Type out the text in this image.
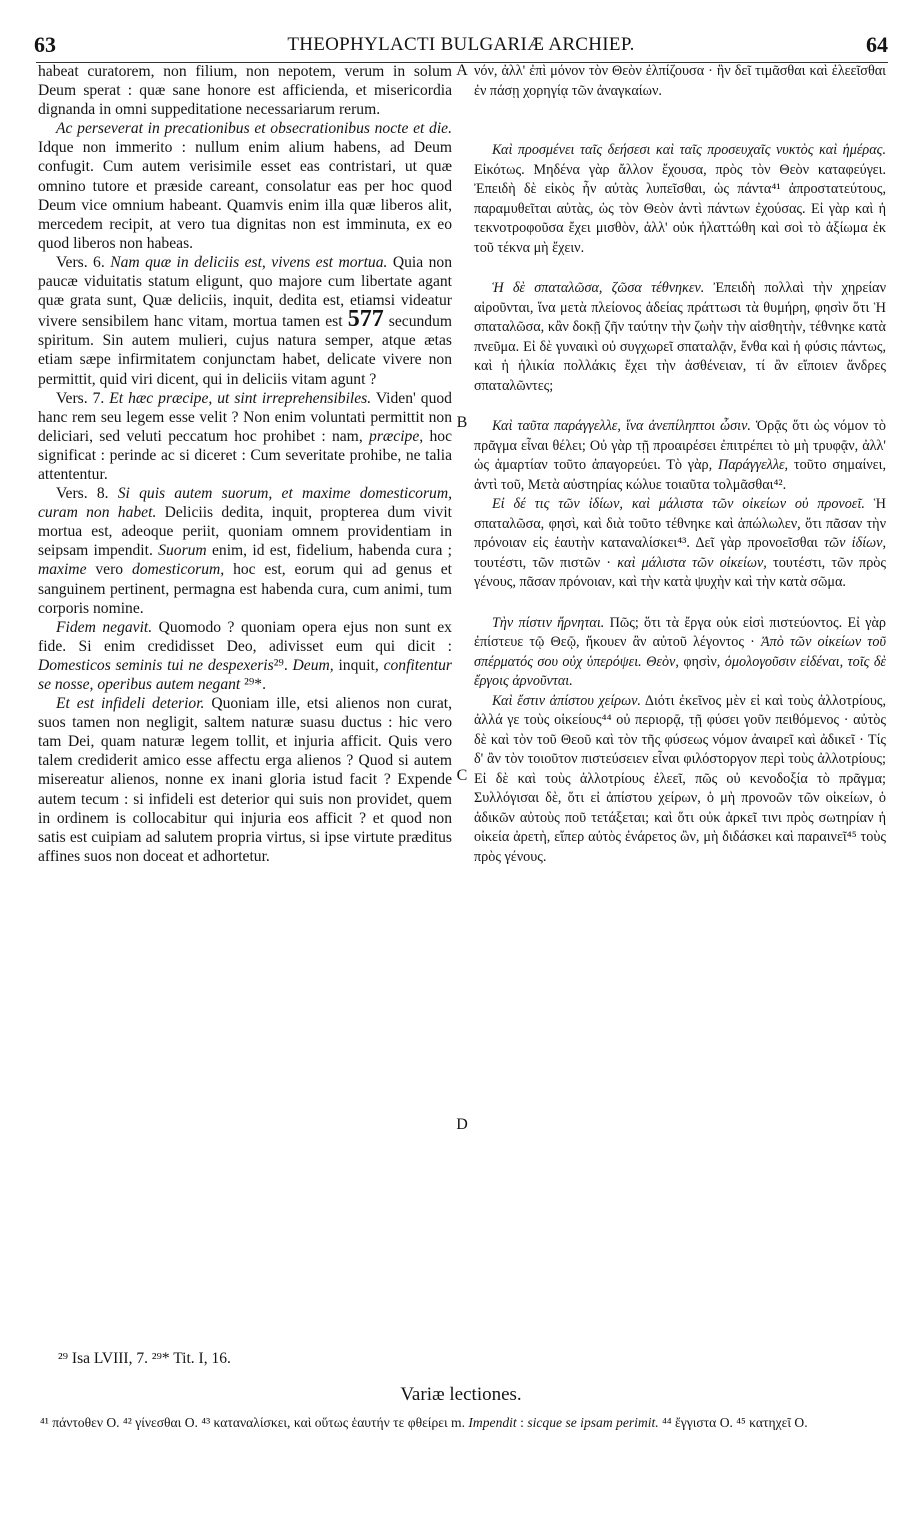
63	THEOPHYLACTI BULGARIÆ ARCHIEP.	64

habeat curatorem, non filium, non nepotem, verum in solum Deum sperat : quæ sane honore est afficienda, et misericordia dignanda in omni suppeditatione necessariarum rerum.

Ac perseverat in precationibus et obsecrationibus nocte et die. Idque non immerito : nullum enim alium habens, ad Deum confugit. Cum autem verisimile esset eas contristari, ut quæ omnino tutore et præside careant, consolatur eas per hoc quod Deum vice omnium habeant. Quamvis enim illa quæ liberos alit, mercedem recipit, at vero tua dignitas non est imminuta, ex eo quod liberos non habeas.

Vers. 6. Nam quæ in deliciis est, vivens est mortua. Quia non paucæ viduitatis statum eligunt, quo majore cum libertate agant quæ grata sunt, Quæ deliciis, inquit, dedita est, etiamsi videatur vivere sensibilem hanc vitam, mortua tamen est 577 secundum spiritum. Sin autem mulieri, cujus natura semper, atque ætas etiam sæpe infirmitatem conjunctam habet, delicate vivere non permittit, quid viri dicent, qui in deliciis vitam agunt ?

Vers. 7. Et hæc præcipe, ut sint irreprehensibiles. Viden' quod hanc rem seu legem esse velit ? Non enim voluntati permittit non deliciari, sed veluti peccatum hoc prohibet : nam, præcipe, hoc significat : perinde ac si diceret : Cum severitate prohibe, ne talia attententur.

Vers. 8. Si quis autem suorum, et maxime domesticorum, curam non habet. Deliciis dedita, inquit, propterea dum vivit mortua est, adeoque periit, quoniam omnem providentiam in seipsam impendit. Suorum enim, id est, fidelium, habenda cura ; maxime vero domesticorum, hoc est, eorum qui ad genus et sanguinem pertinent, permagna est habenda cura, cum animi, tum corporis nomine.

Fidem negavit. Quomodo ? quoniam opera ejus non sunt ex fide. Si enim credidisset Deo, adivisset eum qui dicit : Domesticos seminis tui ne despexeris²⁹. Deum, inquit, confitentur se nosse, operibus autem negant ²⁹*.

Et est infideli deterior. Quoniam ille, etsi alienos non curat, suos tamen non negligit, saltem naturæ suasu ductus : hic vero tam Dei, quam naturæ legem tollit, et injuria afficit. Quis vero talem crediderit amico esse affectu erga alienos ? Quod si autem misereatur alienos, nonne ex inani gloria istud facit ? Expende autem tecum : si infideli est deterior qui suis non providet, quem in ordinem is collocabitur qui injuria eos afficit ? et quod non satis est cuipiam ad salutem propria virtus, si ipse virtute præditus affines suos non doceat et adhortetur.

A
B
C
D

νόν, ἀλλ' ἐπὶ μόνον τὸν Θεὸν ἐλπίζουσα · ἣν δεῖ τιμᾶσθαι καὶ ἐλεεῖσθαι ἐν πάσῃ χορηγίᾳ τῶν ἀναγκαίων.

Καὶ προσμένει ταῖς δεήσεσι καὶ ταῖς προσευχαῖς νυκτὸς καὶ ἡμέρας. Εἰκότως. Μηδένα γὰρ ἄλλον ἔχουσα, πρὸς τὸν Θεὸν καταφεύγει. Ἐπειδὴ δὲ εἰκὸς ἦν αὐτὰς λυπεῖσθαι, ὡς πάντα⁴¹ ἀπροστατεύτους, παραμυθεῖται αὐτὰς, ὡς τὸν Θεὸν ἀντὶ πάντων ἐχούσας. Εἰ γὰρ καὶ ἡ τεκνοτροφοῦσα ἔχει μισθὸν, ἀλλ' οὐκ ἠλαττώθη καὶ σοὶ τὸ ἀξίωμα ἐκ τοῦ τέκνα μὴ ἔχειν.

Ἡ δὲ σπαταλῶσα, ζῶσα τέθνηκεν. Ἐπειδὴ πολλαὶ τὴν χηρείαν αἱροῦνται, ἵνα μετὰ πλείονος ἀδείας πράττωσι τὰ θυμήρη, φησὶν ὅτι Ἡ σπαταλῶσα, κἂν δοκῇ ζῆν ταύτην τὴν ζωὴν τὴν αἰσθητὴν, τέθνηκε κατὰ πνεῦμα. Εἰ δὲ γυναικὶ οὐ συγχωρεῖ σπαταλᾷν, ἔνθα καὶ ἡ φύσις πάντως, καὶ ἡ ἡλικία πολλάκις ἔχει τὴν ἀσθένειαν, τί ἂν εἴποιεν ἄνδρες σπαταλῶντες;

Καὶ ταῦτα παράγγελλε, ἵνα ἀνεπίληπτοι ὦσιν. Ὁρᾷς ὅτι ὡς νόμον τὸ πρᾶγμα εἶναι θέλει; Οὐ γὰρ τῇ προαιρέσει ἐπιτρέπει τὸ μὴ τρυφᾷν, ἀλλ' ὡς ἁμαρτίαν τοῦτο ἀπαγορεύει. Τὸ γὰρ, Παράγγελλε, τοῦτο σημαίνει, ἀντὶ τοῦ, Μετὰ αὐστηρίας κώλυε τοιαῦτα τολμᾶσθαι⁴².

Εἰ δέ τις τῶν ἰδίων, καὶ μάλιστα τῶν οἰκείων οὐ προνοεῖ. Ἡ σπαταλῶσα, φησὶ, καὶ διὰ τοῦτο τέθνηκε καὶ ἀπώλωλεν, ὅτι πᾶσαν τὴν πρόνοιαν εἰς ἑαυτὴν καταναλίσκει⁴³. Δεῖ γὰρ προνοεῖσθαι τῶν ἰδίων, τουτέστι, τῶν πιστῶν · καὶ μάλιστα τῶν οἰκείων, τουτέστι, τῶν πρὸς γένους, πᾶσαν πρόνοιαν, καὶ τὴν κατὰ ψυχὴν καὶ τὴν κατὰ σῶμα.

Τὴν πίστιν ἤρνηται. Πῶς; ὅτι τὰ ἔργα οὐκ εἰσὶ πιστεύοντος. Εἰ γὰρ ἐπίστευε τῷ Θεῷ, ἤκουεν ἂν αὐτοῦ λέγοντος · Ἀπὸ τῶν οἰκείων τοῦ σπέρματός σου οὐχ ὑπερόψει. Θεὸν, φησὶν, ὁμολογοῦσιν εἰδέναι, τοῖς δὲ ἔργοις ἀρνοῦνται.

Καὶ ἔστιν ἀπίστου χείρων. Διότι ἐκεῖνος μὲν εἰ καὶ τοὺς ἀλλοτρίους, ἀλλά γε τοὺς οἰκείους⁴⁴ οὐ περιορᾷ, τῇ φύσει γοῦν πειθόμενος · αὐτὸς δὲ καὶ τὸν τοῦ Θεοῦ καὶ τὸν τῆς φύσεως νόμον ἀναιρεῖ καὶ ἀδικεῖ · Τίς δ' ἂν τὸν τοιοῦτον πιστεύσειεν εἶναι φιλόστοργον περὶ τοὺς ἀλλοτρίους; Εἰ δὲ καὶ τοὺς ἀλλοτρίους ἐλεεῖ, πῶς οὐ κενοδοξία τὸ πρᾶγμα; Συλλόγισαι δὲ, ὅτι εἰ ἀπίστου χείρων, ὁ μὴ προνοῶν τῶν οἰκείων, ὁ ἀδικῶν αὐτοὺς ποῦ τετάξεται; καὶ ὅτι οὐκ ἀρκεῖ τινι πρὸς σωτηρίαν ἡ οἰκεία ἀρετὴ, εἴπερ αὐτὸς ἐνάρετος ὢν, μὴ διδάσκει καὶ παραινεῖ⁴⁵ τοὺς πρὸς γένους.

²⁹ Isa LVIII, 7. ²⁹* Tit. I, 16.
Variæ lectiones.

⁴¹ πάντοθεν O. ⁴² γίνεσθαι O. ⁴³ καταναλίσκει, καὶ οὕτως ἑαυτήν τε φθείρει m. Impendit : sicque se ipsam perimit. ⁴⁴ ἔγγιστα O. ⁴⁵ κατηχεῖ O.
